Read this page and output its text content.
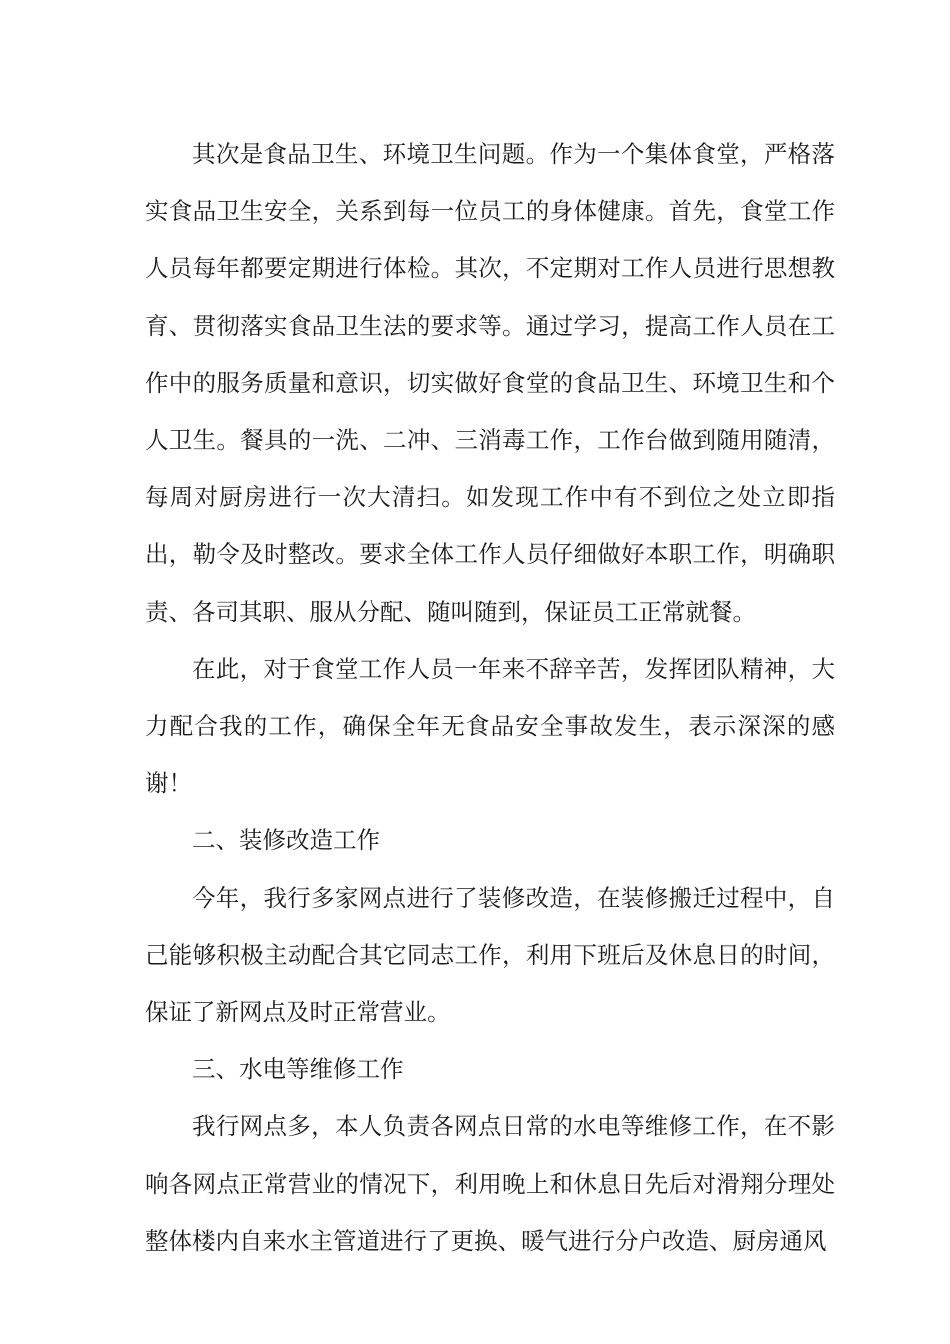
其次是食品卫生、环境卫生问题。作为一个集体食堂，严格落实食品卫生安全，关系到每一位员工的身体健康。首先，食堂工作人员每年都要定期进行体检。其次，不定期对工作人员进行思想教育、贯彻落实食品卫生法的要求等。通过学习，提高工作人员在工作中的服务质量和意识，切实做好食堂的食品卫生、环境卫生和个人卫生。餐具的一洗、二冲、三消毒工作，工作台做到随用随清，每周对厨房进行一次大清扫。如发现工作中有不到位之处立即指出，勒令及时整改。要求全体工作人员仔细做好本职工作，明确职责、各司其职、服从分配、随叫随到，保证员工正常就餐。

在此，对于食堂工作人员一年来不辞辛苦，发挥团队精神，大力配合我的工作，确保全年无食品安全事故发生，表示深深的感谢！

二、装修改造工作

今年，我行多家网点进行了装修改造，在装修搬迁过程中，自己能够积极主动配合其它同志工作，利用下班后及休息日的时间，保证了新网点及时正常营业。

三、水电等维修工作

我行网点多，本人负责各网点日常的水电等维修工作，在不影响各网点正常营业的情况下，利用晚上和休息日先后对滑翔分理处整体楼内自来水主管道进行了更换、暖气进行分户改造、厨房通风
